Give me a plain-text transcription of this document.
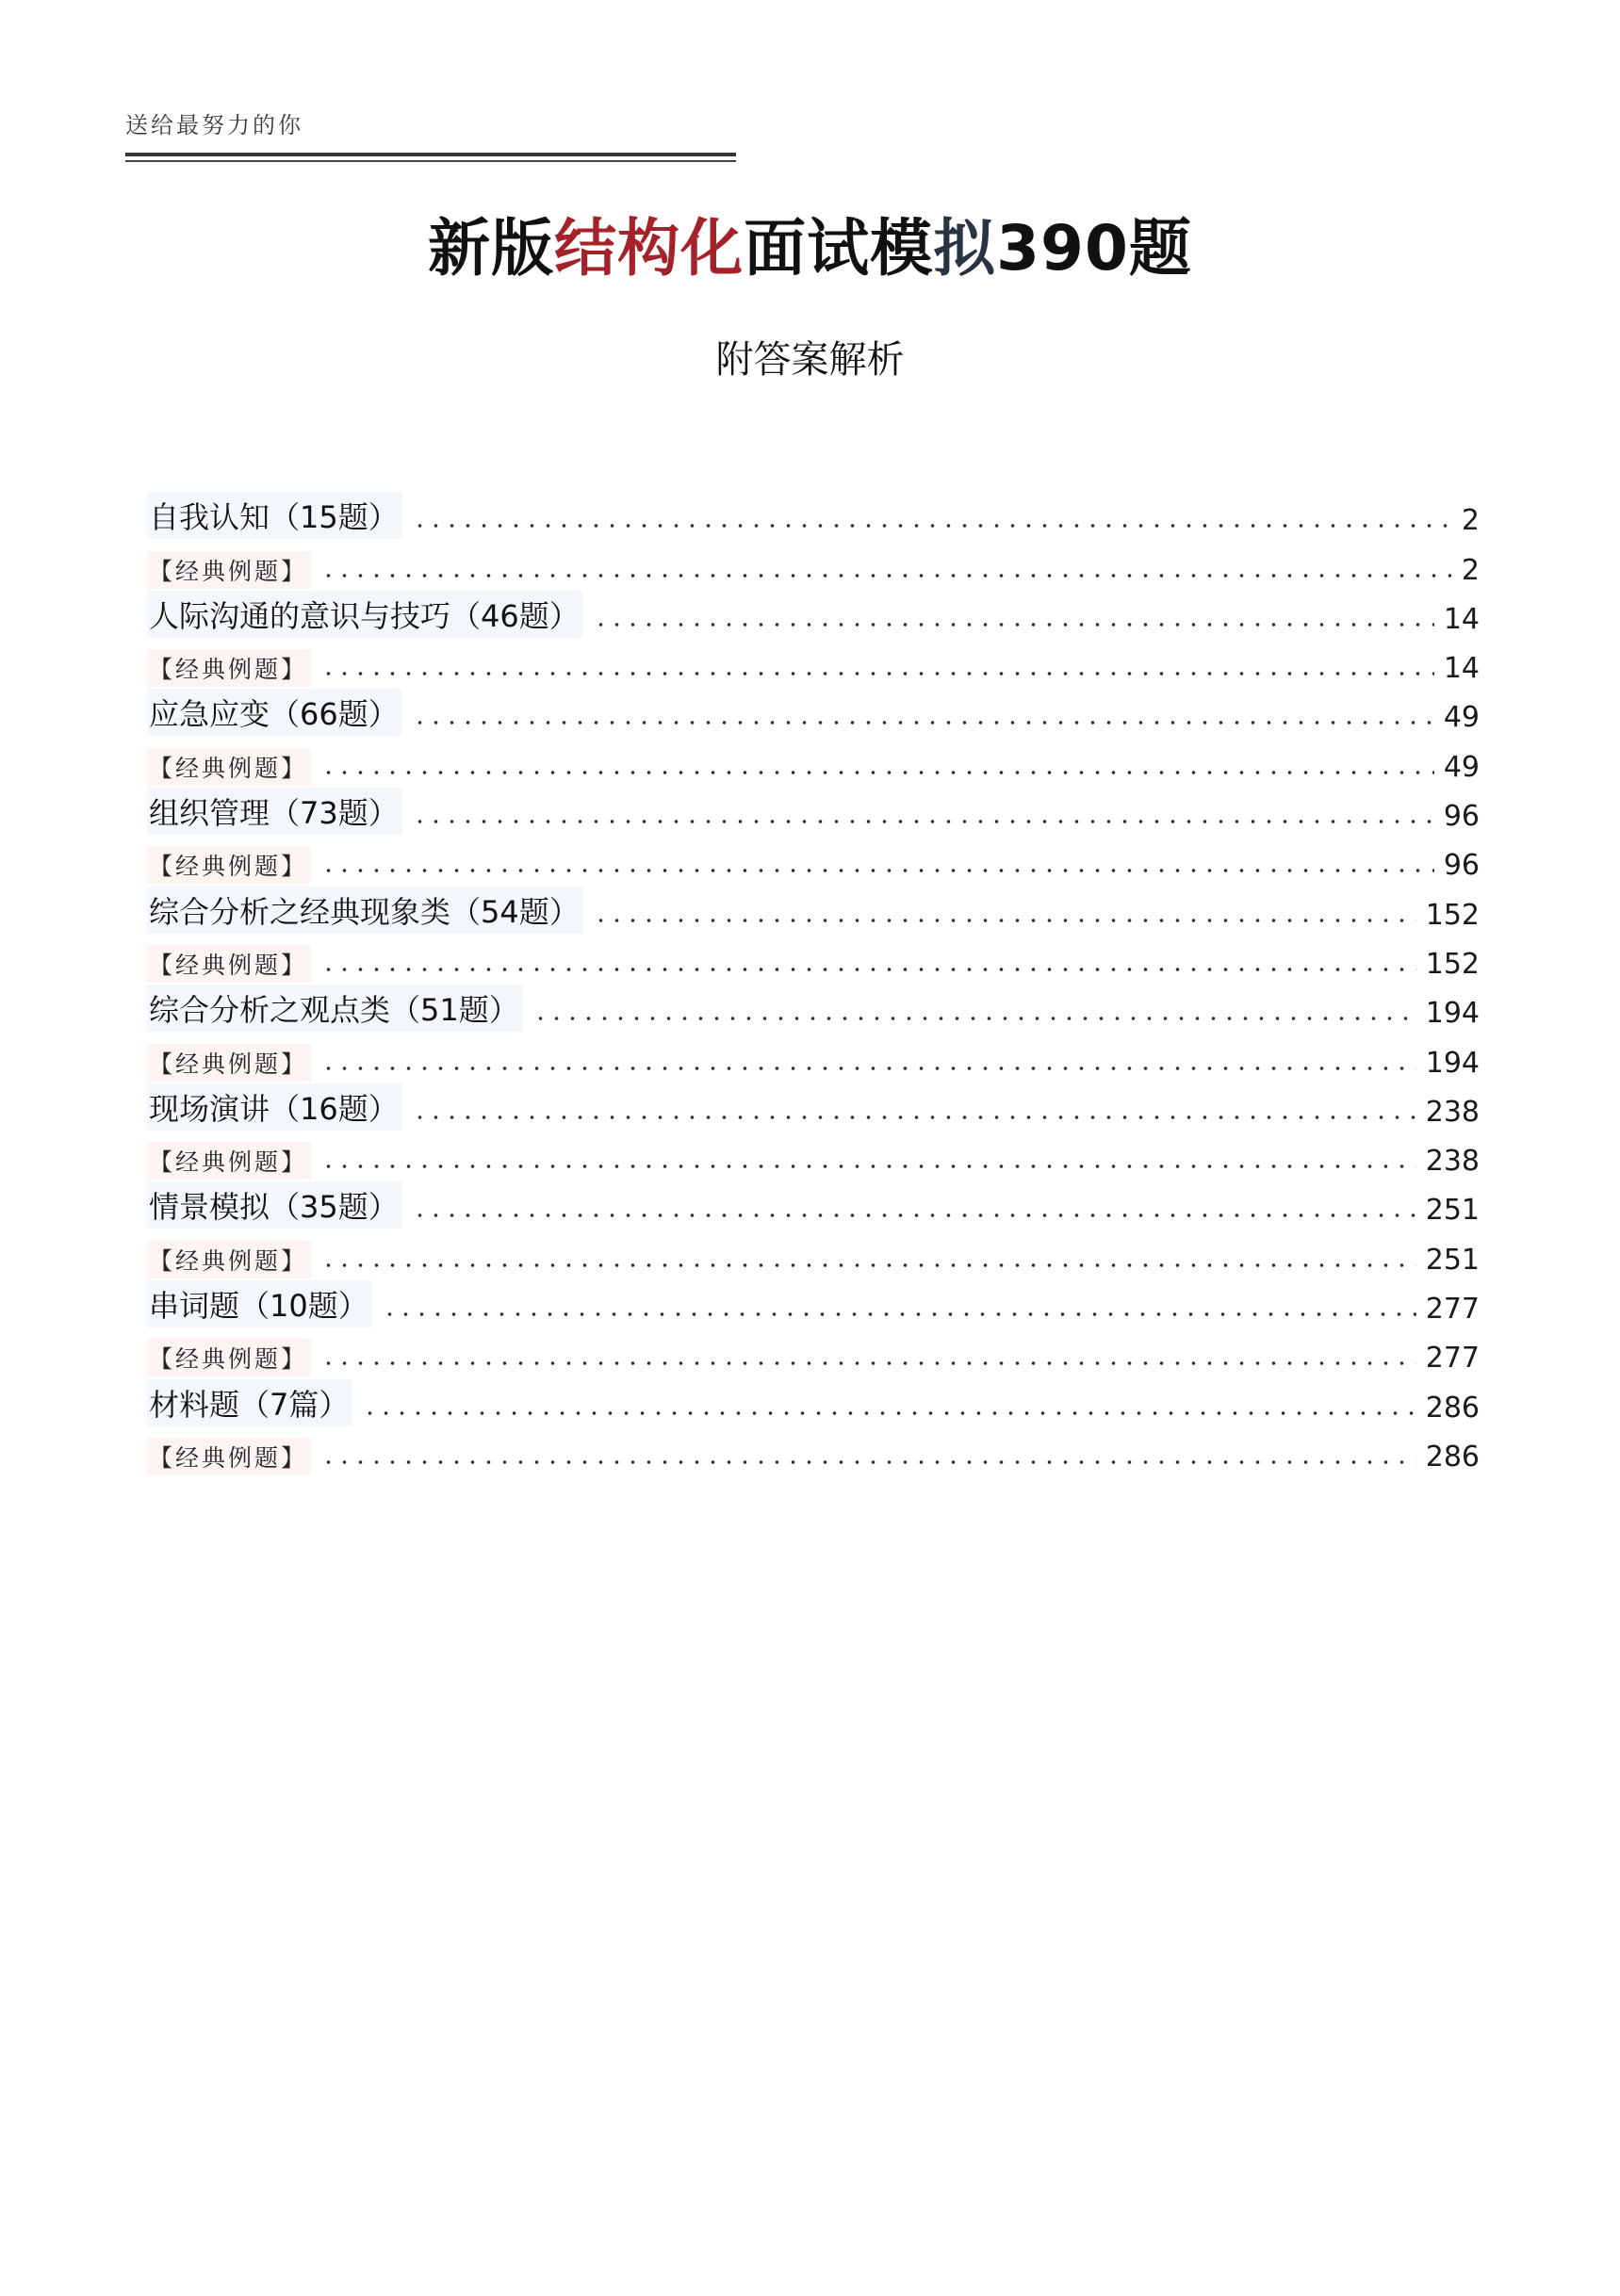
送给最努力的你
新版结构化面试模拟390题
附答案解析
自我认知（15题）	2
【经典例题】	2
人际沟通的意识与技巧（46题）	14
【经典例题】	14
应急应变（66题）	49
【经典例题】	49
组织管理（73题）	96
【经典例题】	96
综合分析之经典现象类（54题）	152
【经典例题】	152
综合分析之观点类（51题）	194
【经典例题】	194
现场演讲（16题）	238
【经典例题】	238
情景模拟（35题）	251
【经典例题】	251
串词题（10题）	277
【经典例题】	277
材料题（7篇）	286
【经典例题】	286
